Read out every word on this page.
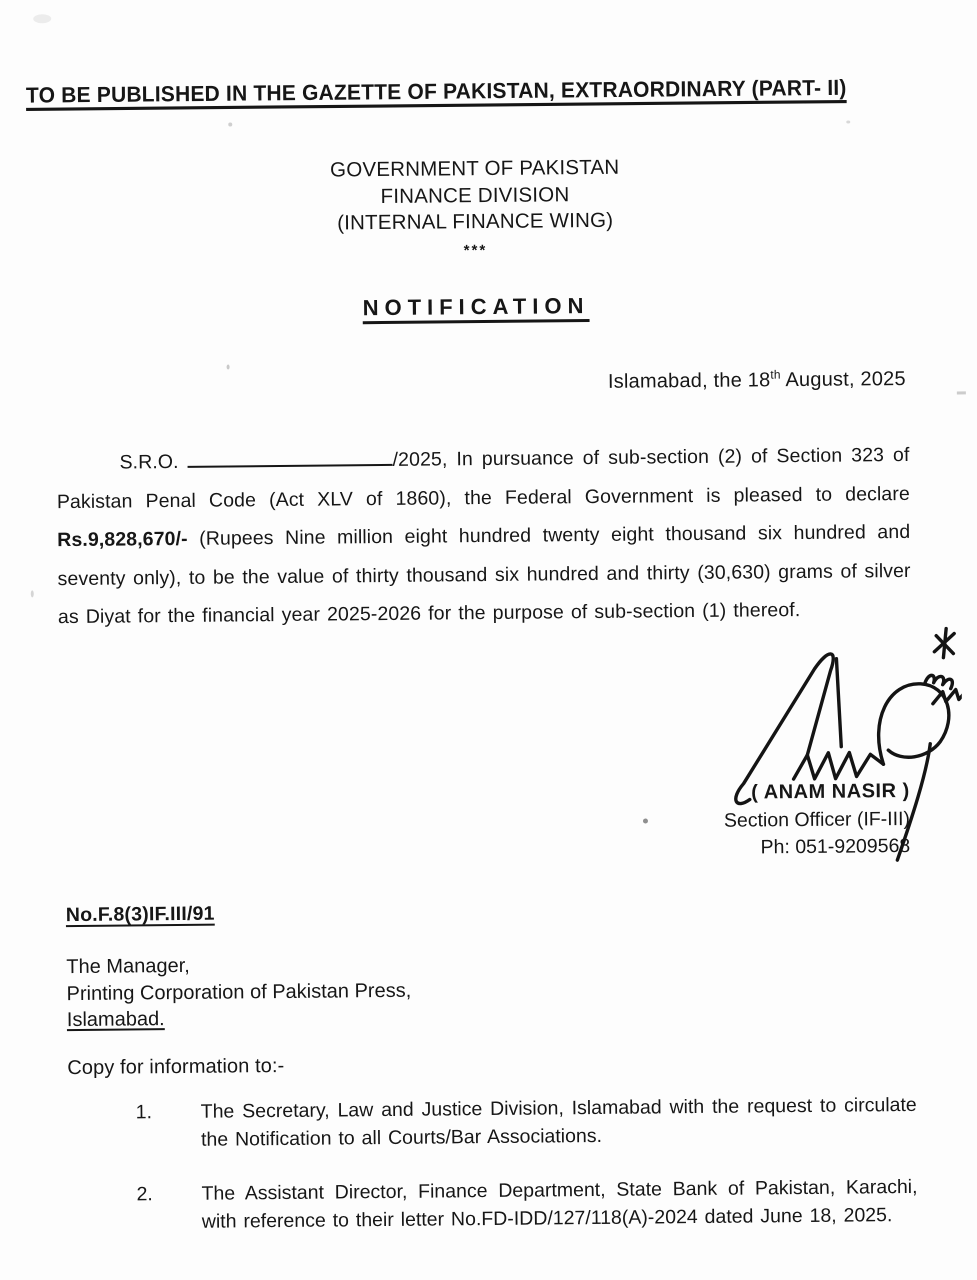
TO BE PUBLISHED IN THE GAZETTE OF PAKISTAN, EXTRAORDINARY (PART- II)
GOVERNMENT OF PAKISTAN
FINANCE DIVISION
(INTERNAL FINANCE WING)
***
NOTIFICATION
Islamabad, the 18th August, 2025
S.R.O.	/2025, In pursuance of sub-section (2) of Section 323 of Pakistan Penal Code (Act XLV of 1860), the Federal Government is pleased to declare Rs.9,828,670/- (Rupees Nine million eight hundred twenty eight thousand six hundred and seventy only), to be the value of thirty thousand six hundred and thirty (30,630) grams of silver as Diyat for the financial year 2025-2026 for the purpose of sub-section (1) thereof.
( ANAM NASIR )
Section Officer (IF-III)
Ph: 051-9209568
No.F.8(3)IF.III/91
The Manager,
Printing Corporation of Pakistan Press,
Islamabad.
Copy for information to:-
1. The Secretary, Law and Justice Division, Islamabad with the request to circulate the Notification to all Courts/Bar Associations.
2. The Assistant Director, Finance Department, State Bank of Pakistan, Karachi, with reference to their letter No.FD-IDD/127/118(A)-2024 dated June 18, 2025.
